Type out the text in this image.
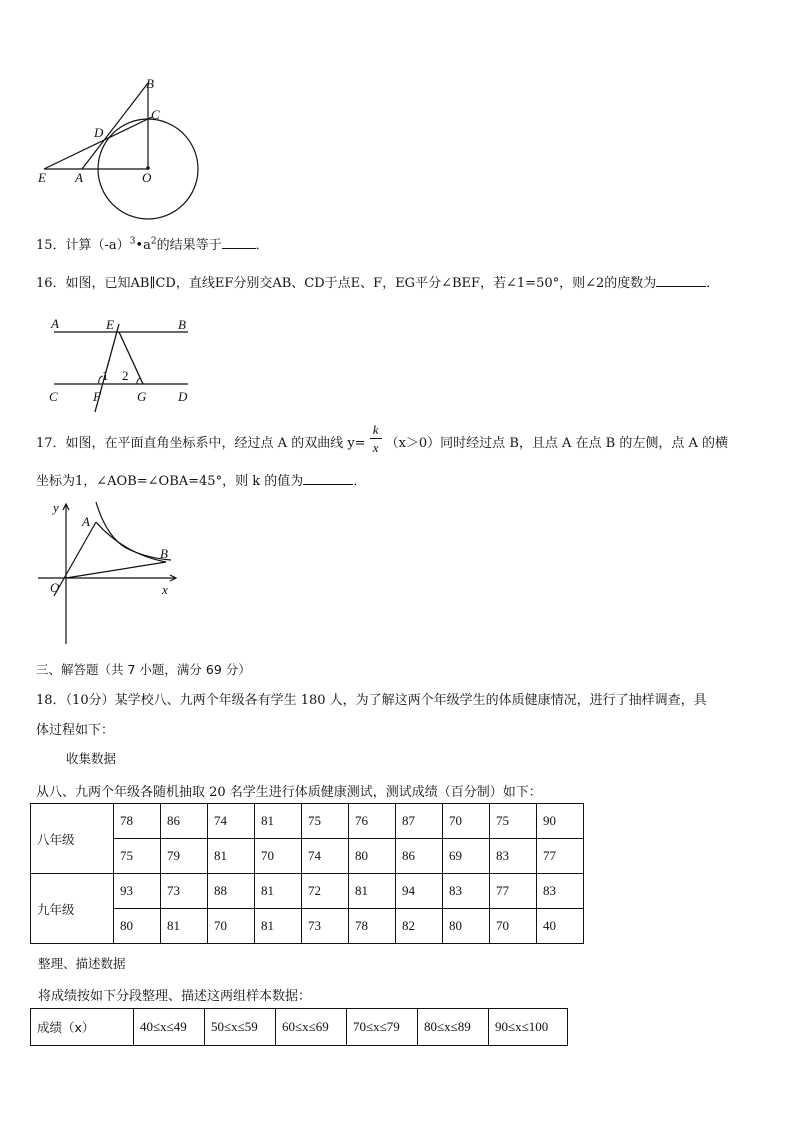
B
C
D
E A	O
15．计算$(-a)^3•a^2$的结果等于	．
16．如图，已知AB∥CD，直线EF分别交AB、CD于点E、F，EG平分∠BEF，若∠1=50°，则∠2的度数为	．
A	E	B
C	F	G D
1 2
17．如图，在平面直角坐标系中，经过点 A 的双曲线 $y= \frac{k}{x} (x>0)$同时经过点 B，且点 A 在点 B 的左侧，点 A 的横
坐标为1，∠AOB=∠OBA=45°，则 k 的值为	．
y
A
B
O	x
三、解答题（共 7 小题，满分 69 分）
18．（10分）某学校八、九两个年级各有学生 180 人，为了解这两个年级学生的体质健康情况，进行了抽样调查，具
体过程如下：
收集数据
从八、九两个年级各随机抽取 20 名学生进行体质健康测试，测试成绩（百分制）如下：
八年级	78	86	74	81	75	76	87	70	75	90
	75	79	81	70	74	80	86	69	83	77
九年级	93	73	88	81	72	81	94	83	77	83
	80	81	70	81	73	78	82	80	70	40
整理、描述数据
将成绩按如下分段整理、描述这两组样本数据：
成绩（x）	40≤x≤49	50≤x≤59	60≤x≤69	70≤x≤79	80≤x≤89	90≤x≤100
